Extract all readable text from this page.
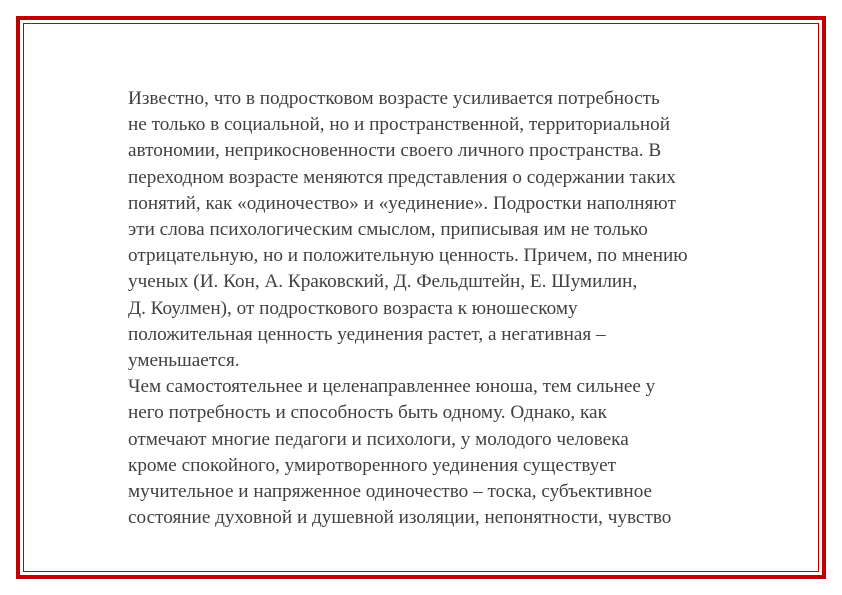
Известно, что в подростковом возрасте усиливается потребность
не только в социальной, но и пространственной, территориальной
автономии, неприкосновенности своего личного пространства. В
переходном возрасте меняются представления о содержании таких
понятий, как «одиночество» и «уединение». Подростки наполняют
эти слова психологическим смыслом, приписывая им не только
отрицательную, но и положительную ценность. Причем, по мнению
ученых (И. Кон, А. Краковский, Д. Фельдштейн, Е. Шумилин,
Д. Коулмен), от подросткового возраста к юношескому
положительная ценность уединения растет, а негативная –
уменьшается.
Чем самостоятельнее и целенаправленнее юноша, тем сильнее у
него потребность и способность быть одному. Однако, как
отмечают многие педагоги и психологи, у молодого человека
кроме спокойного, умиротворенного уединения существует
мучительное и напряженное одиночество – тоска, субъективное
состояние духовной и душевной изоляции, непонятности, чувство
